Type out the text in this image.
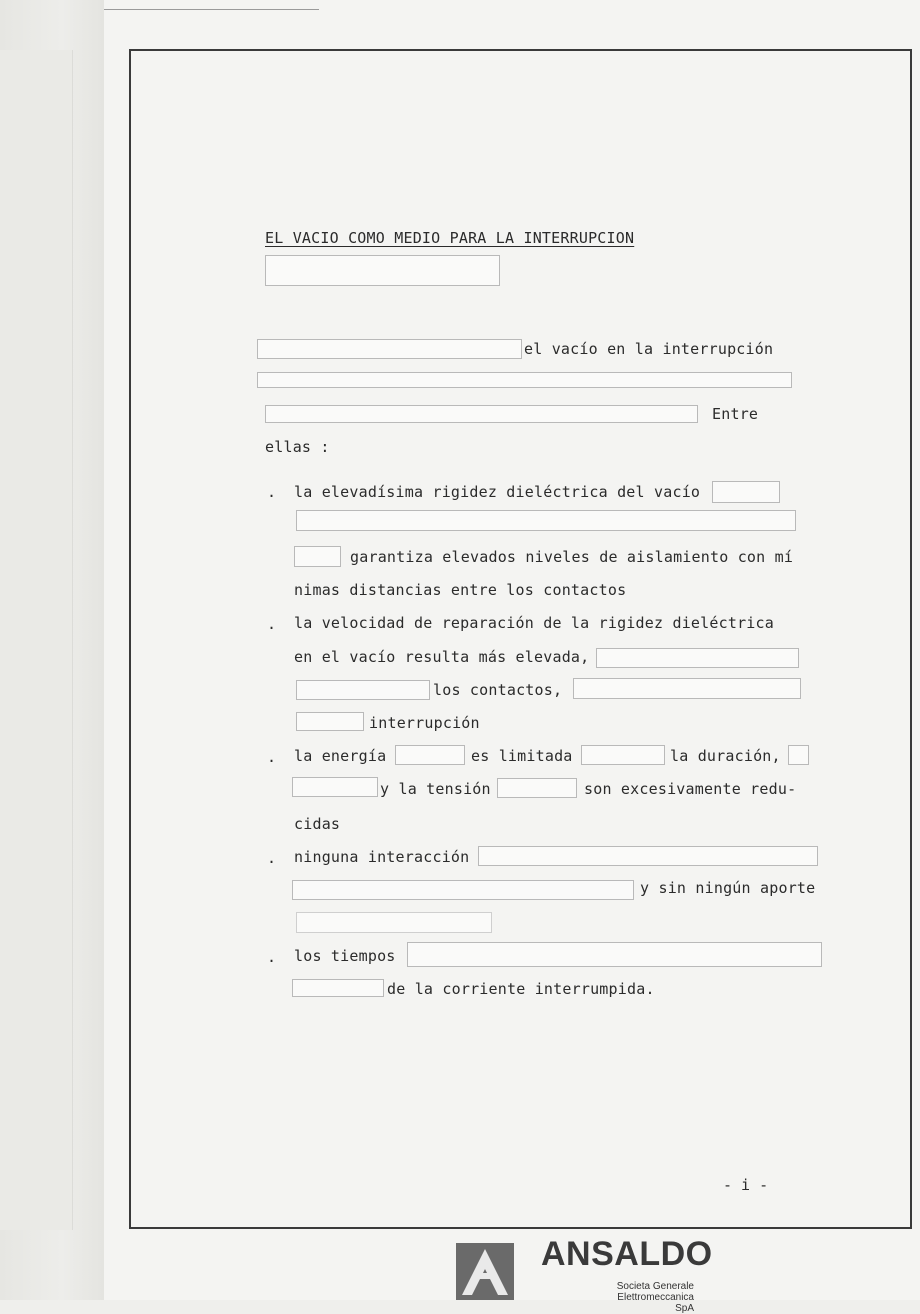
EL VACIO COMO MEDIO PARA LA INTERRUPCION
el vacío en la interrupción
Entre
ellas :
. la elevadísima rigidez dieléctrica del vacío
garantiza elevados niveles de aislamiento con mí
nimas distancias entre los contactos
. la velocidad de reparación de la rigidez dieléctrica
en el vacío resulta más elevada,
los contactos,
interrupción
. la energía	es limitada	la duración,
y la tensión	son excesivamente redu-
cidas
. ninguna interacción
y sin ningún aporte
. los tiempos
de la corriente interrumpida.
- i -
ANSALDO
Societa Generale
Elettromeccanica SpA
